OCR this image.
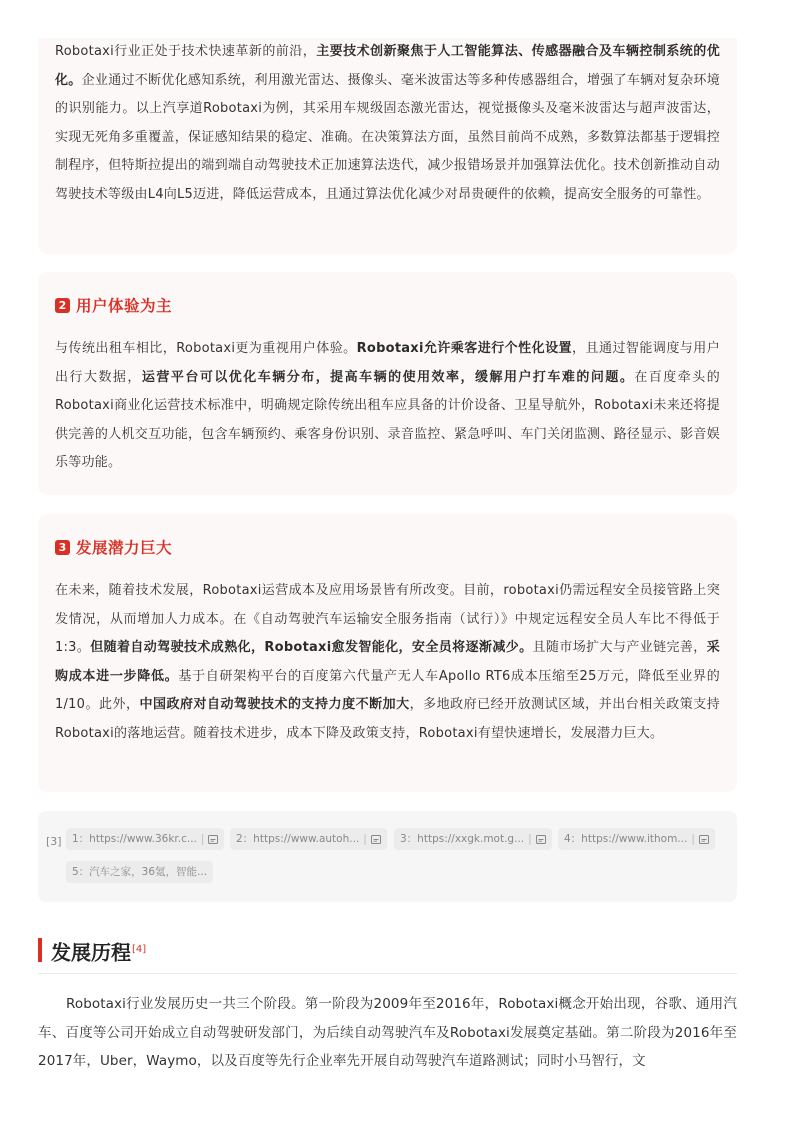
Robotaxi行业正处于技术快速革新的前沿，主要技术创新聚焦于人工智能算法、传感器融合及车辆控制系统的优化。企业通过不断优化感知系统，利用激光雷达、摄像头、毫米波雷达等多种传感器组合，增强了车辆对复杂环境的识别能力。以上汽享道Robotaxi为例，其采用车规级固态激光雷达，视觉摄像头及毫米波雷达与超声波雷达，实现无死角多重覆盖，保证感知结果的稳定、准确。在决策算法方面，虽然目前尚不成熟，多数算法都基于逻辑控制程序，但特斯拉提出的端到端自动驾驶技术正加速算法迭代，减少报错场景并加强算法优化。技术创新推动自动驾驶技术等级由L4向L5迈进，降低运营成本，且通过算法优化减少对昂贵硬件的依赖，提高安全服务的可靠性。

2 用户体验为主

与传统出租车相比，Robotaxi更为重视用户体验。Robotaxi允许乘客进行个性化设置，且通过智能调度与用户出行大数据，运营平台可以优化车辆分布，提高车辆的使用效率，缓解用户打车难的问题。在百度牵头的Robotaxi商业化运营技术标准中，明确规定除传统出租车应具备的计价设备、卫星导航外，Robotaxi未来还将提供完善的人机交互功能，包含车辆预约、乘客身份识别、录音监控、紧急呼叫、车门关闭监测、路径显示、影音娱乐等功能。

3 发展潜力巨大

在未来，随着技术发展，Robotaxi运营成本及应用场景皆有所改变。目前，robotaxi仍需远程安全员接管路上突发情况，从而增加人力成本。在《自动驾驶汽车运输安全服务指南（试行）》中规定远程安全员人车比不得低于 1:3。但随着自动驾驶技术成熟化，Robotaxi愈发智能化，安全员将逐渐减少。且随市场扩大与产业链完善，采购成本进一步降低。基于自研架构平台的百度第六代量产无人车Apollo RT6成本压缩至25万元，降低至业界的1/10。此外，中国政府对自动驾驶技术的支持力度不断加大，多地政府已经开放测试区域，并出台相关政策支持Robotaxi的落地运营。随着技术进步，成本下降及政策支持，Robotaxi有望快速增长，发展潜力巨大。

[3] 1：https://www.36kr.c... |	2：https://www.autoh... |	3：https://xxgk.mot.g... |	4：https://www.ithom... |
5：汽车之家，36氪，智能...
发展历程[4]

Robotaxi行业发展历史一共三个阶段。第一阶段为2009年至2016年，Robotaxi概念开始出现，谷歌、通用汽车、百度等公司开始成立自动驾驶研发部门，为后续自动驾驶汽车及Robotaxi发展奠定基础。第二阶段为2016年至2017年，Uber，Waymo，以及百度等先行企业率先开展自动驾驶汽车道路测试；同时小马智行，文
